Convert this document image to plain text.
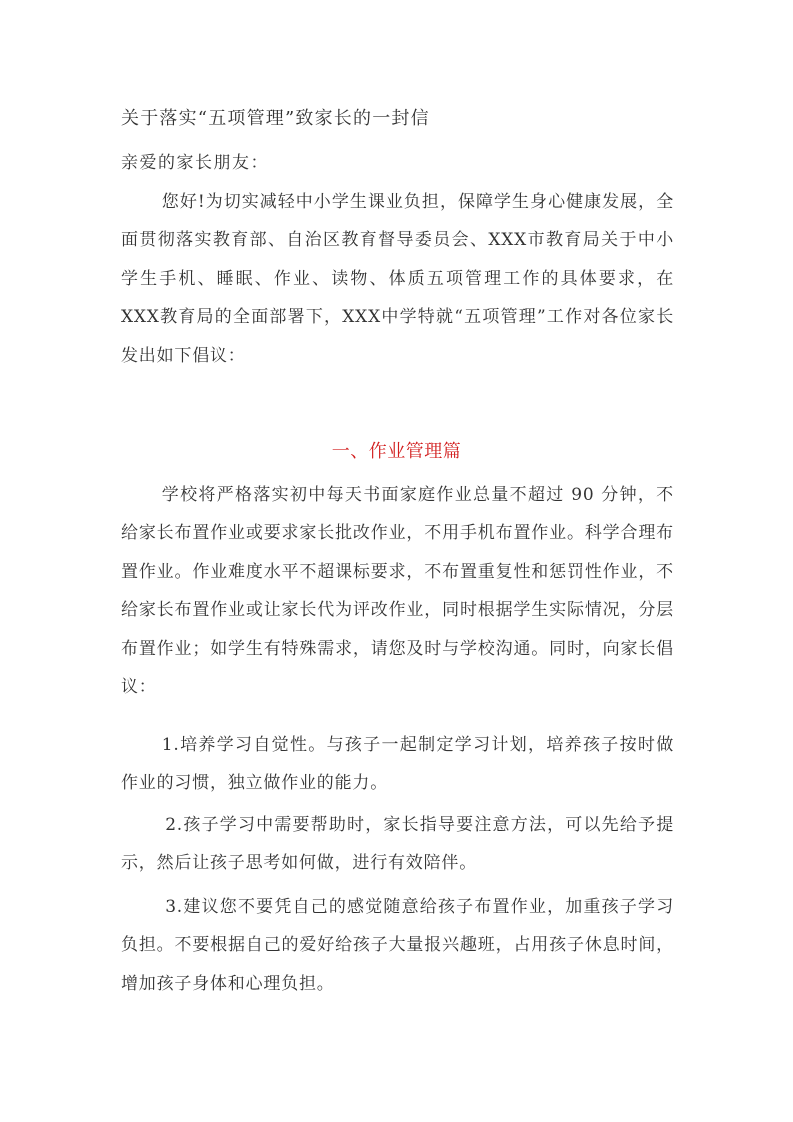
关于落实“五项管理”致家长的一封信
亲爱的家长朋友：

您好!为切实减轻中小学生课业负担，保障学生身心健康发展，全面贯彻落实教育部、自治区教育督导委员会、XXX市教育局关于中小学生手机、睡眠、作业、读物、体质五项管理工作的具体要求，在XXX教育局的全面部署下，XXX中学特就“五项管理”工作对各位家长发出如下倡议：

一、作业管理篇

学校将严格落实初中每天书面家庭作业总量不超过 90 分钟，不给家长布置作业或要求家长批改作业，不用手机布置作业。科学合理布置作业。作业难度水平不超课标要求，不布置重复性和惩罚性作业，不给家长布置作业或让家长代为评改作业，同时根据学生实际情况，分层布置作业；如学生有特殊需求，请您及时与学校沟通。同时，向家长倡议：

1.培养学习自觉性。与孩子一起制定学习计划，培养孩子按时做作业的习惯，独立做作业的能力。

2.孩子学习中需要帮助时，家长指导要注意方法，可以先给予提示，然后让孩子思考如何做，进行有效陪伴。

3.建议您不要凭自己的感觉随意给孩子布置作业，加重孩子学习负担。不要根据自己的爱好给孩子大量报兴趣班，占用孩子休息时间，增加孩子身体和心理负担。
